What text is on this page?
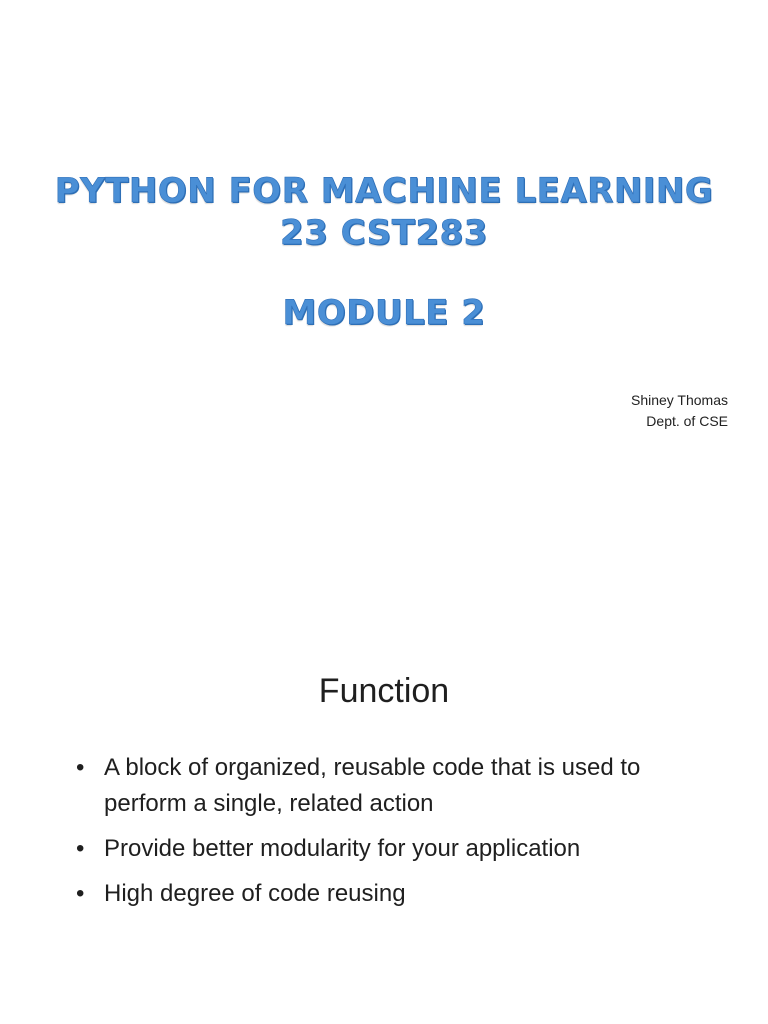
PYTHON FOR MACHINE LEARNING
23 CST283
MODULE 2
Shiney Thomas
Dept. of CSE
Function
• A block of organized, reusable code that is used to perform a single, related action
• Provide better modularity for your application
• High degree of code reusing
